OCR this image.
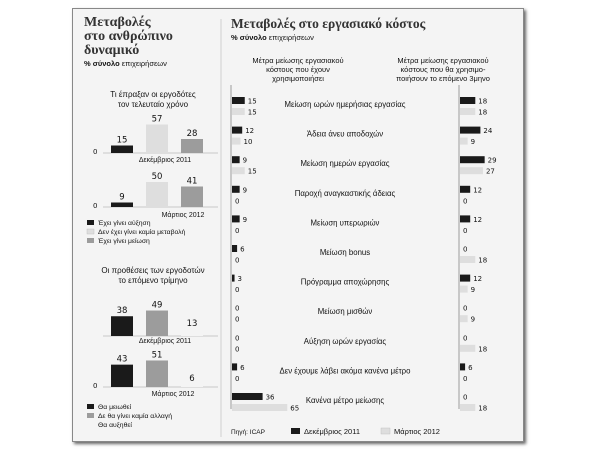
Μεταβολές
στο ανθρώπινο
δυναμικό
% σύνολο επιχειρήσεων
Τι έπραξαν οι εργοδότες
τον τελευταίο χρόνο
0
15
57
28
Δεκέμβριος 2011
0
9
50	41
Μάρτιος 2012
Έχει γίνει αύξηση
Δεν έχει γίνει καμία μεταβολή
Έχει γίνει μείωση
Οι προθέσεις των εργοδοτών
το επόμενο τρίμηνο
38
49
13
Δεκέμβριος 2011
0
43	51
6
Μάρτιος 2012
Θα μειωθεί
Δε θα γίνει καμία αλλαγή
Θα αυξηθεί
Μεταβολές στο εργασιακό κόστος
% σύνολο επιχειρήσεων
Μέτρα μείωσης εργασιακού
κόστους που έχουν
χρησιμοποιήσει
Μέτρα μείωσης εργασιακού
κόστους που θα χρησιμο-
ποιήσουν το επόμενο 3μηνο
Μείωση ωρών ημερήσιας εργασίας
15	18
15	18
Άδεια άνευ αποδοχών
12	24
10	9
Μείωση ημερών εργασίας
9	29
15	27
Παροχή αναγκαστικής άδειας
9	12
0	0
Μείωση υπερωριών
9	12
0	0
Μείωση bonus
6	0
0	18
Πρόγραμμα αποχώρησης
3	12
0	9
Μείωση μισθών
0	0
0	9
Αύξηση ωρών εργασίας
0	0
0	18
Δεν έχουμε λάβει ακόμα κανένα μέτρο
6	6
0	0
Κανένα μέτρο μείωσης
36	0
65	18
Πηγή: ICAP	Δεκέμβριος 2011	Μάρτιος 2012
